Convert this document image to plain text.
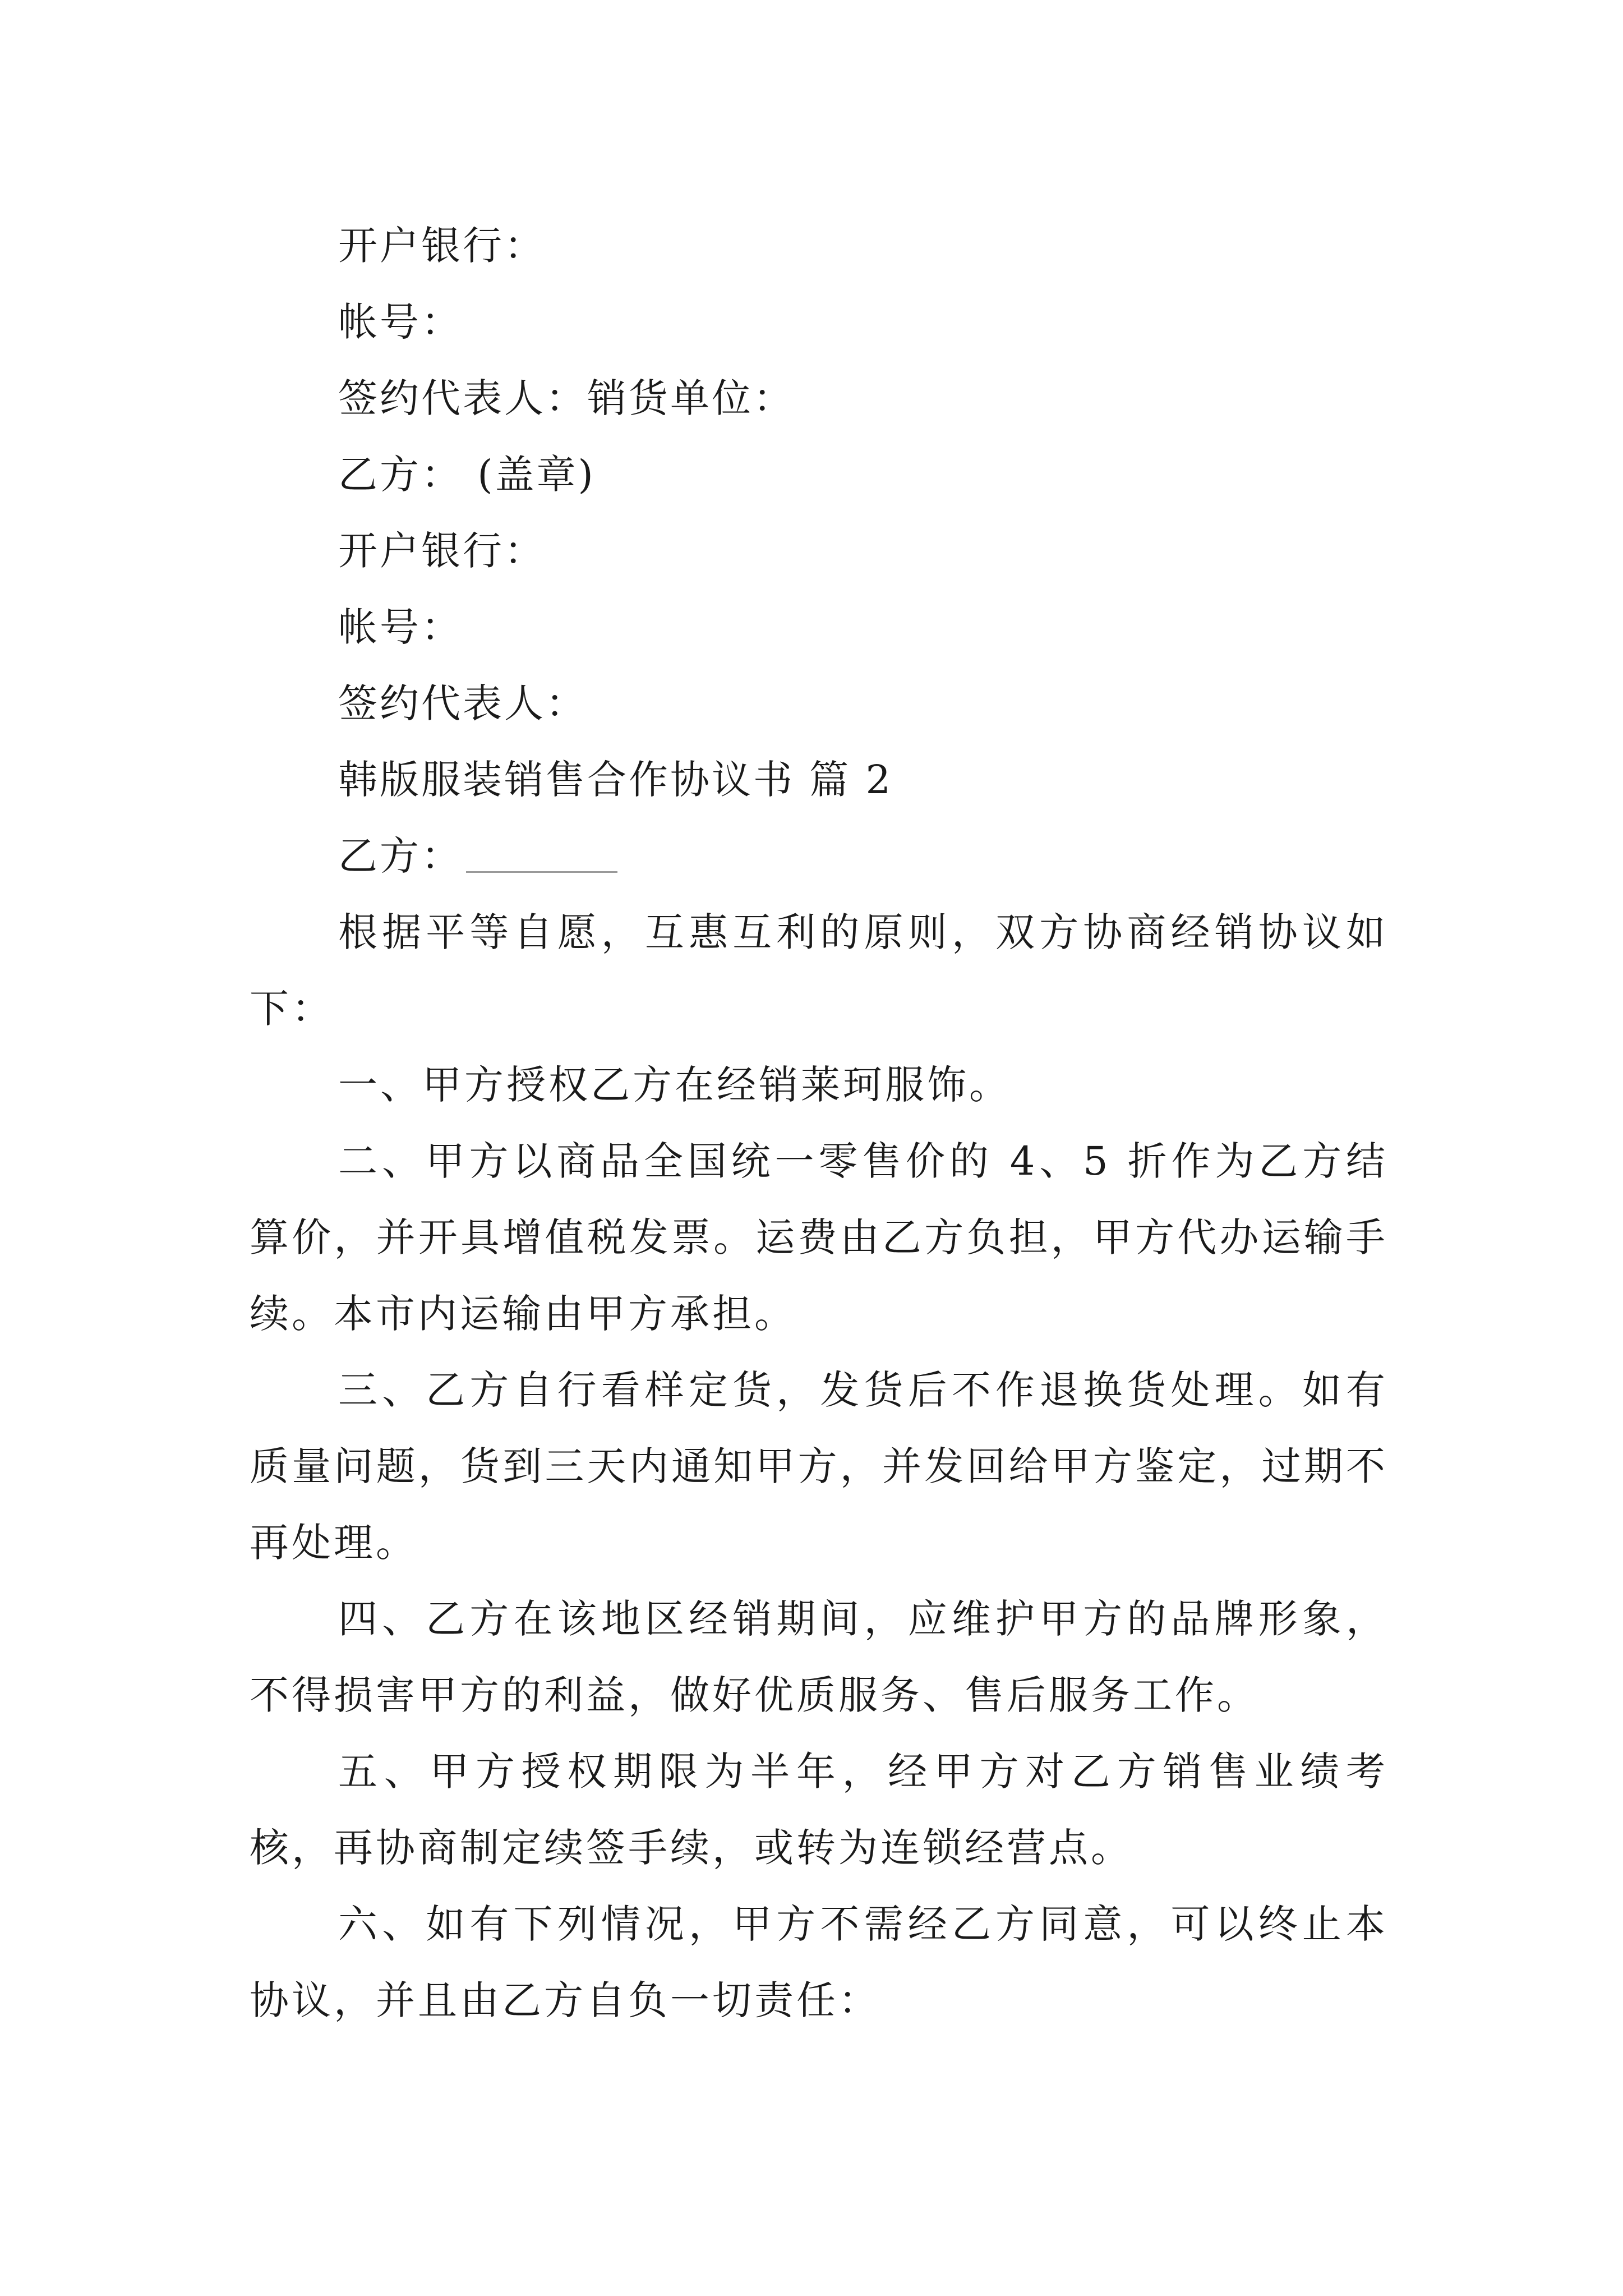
开户银行：
帐号：
签约代表人：销货单位：
乙方： (盖章)
开户银行：
帐号：
签约代表人：
韩版服装销售合作协议书 篇 2
乙方：

根据平等自愿，互惠互利的原则，双方协商经销协议如下：

一、甲方授权乙方在经销莱珂服饰。

二、甲方以商品全国统一零售价的 4、5 折作为乙方结算价，并开具增值税发票。运费由乙方负担，甲方代办运输手续。本市内运输由甲方承担。

三、乙方自行看样定货，发货后不作退换货处理。如有质量问题，货到三天内通知甲方，并发回给甲方鉴定，过期不再处理。

四、乙方在该地区经销期间，应维护甲方的品牌形象，不得损害甲方的利益，做好优质服务、售后服务工作。

五、甲方授权期限为半年，经甲方对乙方销售业绩考核，再协商制定续签手续，或转为连锁经营点。

六、如有下列情况，甲方不需经乙方同意，可以终止本协议，并且由乙方自负一切责任：
